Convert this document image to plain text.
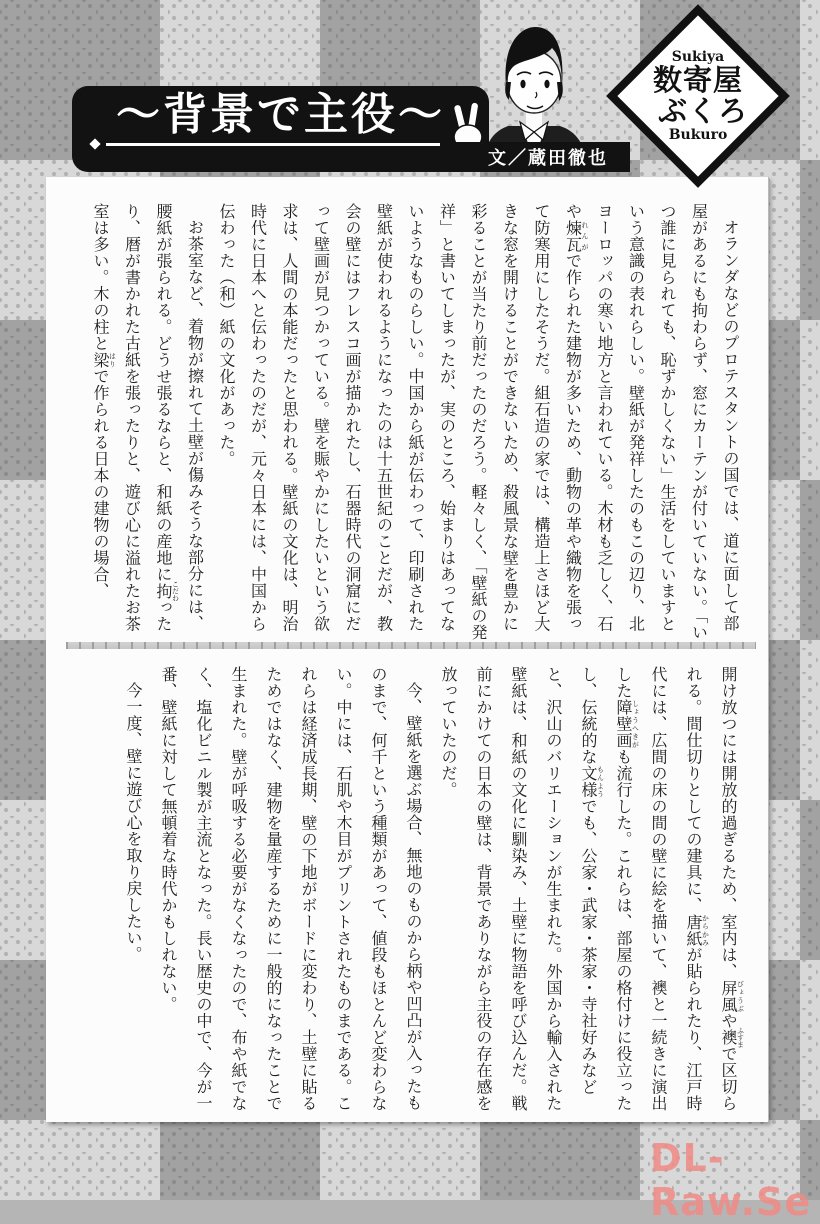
オランダなどのプロテスタントの国では、道に面して部屋があるにも拘わらず、窓にカーテンが付いていない。「いつ誰に見られても、恥ずかしくない」生活をしていますという意識の表れらしい。壁紙が発祥したのもこの辺り、北ヨーロッパの寒い地方と言われている。木材も乏しく、石や煉瓦れんがで作られた建物が多いため、動物の革や織物を張って防寒用にしたそうだ。組石造の家では、構造上さほど大きな窓を開けることができないため、殺風景な壁を豊かに彩ることが当たり前だったのだろう。軽々しく、「壁紙の発祥」と書いてしまったが、実のところ、始まりはあってないようなものらしい。中国から紙が伝わって、印刷された壁紙が使われるようになったのは十五世紀のことだが、教会の壁にはフレスコ画が描かれたし、石器時代の洞窟にだって壁画が見つかっている。壁を賑やかにしたいという欲求は、人間の本能だったと思われる。壁紙の文化は、明治時代に日本へと伝わったのだが、元々日本には、中国から伝わった（和）紙の文化があった。

お茶室など、着物が擦れて土壁が傷みそうな部分には、腰紙が張られる。どうせ張るならと、和紙の産地に拘こだわったり、暦が書かれた古紙を張ったりと、遊び心に溢れたお茶室は多い。木の柱と梁はりで作られる日本の建物の場合、

開け放つには開放的過ぎるため、室内は、屏風びょうぶや襖ふすまで区切られる。間仕切りとしての建具に、唐紙からかみが貼られたり、江戸時代には、広間の床の間の壁に絵を描いて、襖と一続きに演出した障壁画しょうへきがも流行した。これらは、部屋の格付けに役立ったし、伝統的な文様もんようでも、公家・武家・茶家・寺社好みなどと、沢山のバリエーションが生まれた。外国から輸入された壁紙は、和紙の文化に馴染み、土壁に物語を呼び込んだ。戦前にかけての日本の壁は、背景でありながら主役の存在感を放っていたのだ。

今、壁紙を選ぶ場合、無地のものから柄や凹凸が入ったものまで、何千という種類があって、値段もほとんど変わらない。中には、石肌や木目がプリントされたものまである。これらは経済成長期、壁の下地がボードに変わり、土壁に貼るためではなく、建物を量産するために一般的になったことで生まれた。壁が呼吸する必要がなくなったので、布や紙でなく、塩化ビニル製が主流となった。長い歴史の中で、今が一番、壁紙に対して無頓着な時代かもしれない。

今一度、壁に遊び心を取り戻したい。

〜背景で主役〜
文／蔵田徹也
Sukiya
数寄屋
ぶくろ
Bukuro
DL-Raw.Se
